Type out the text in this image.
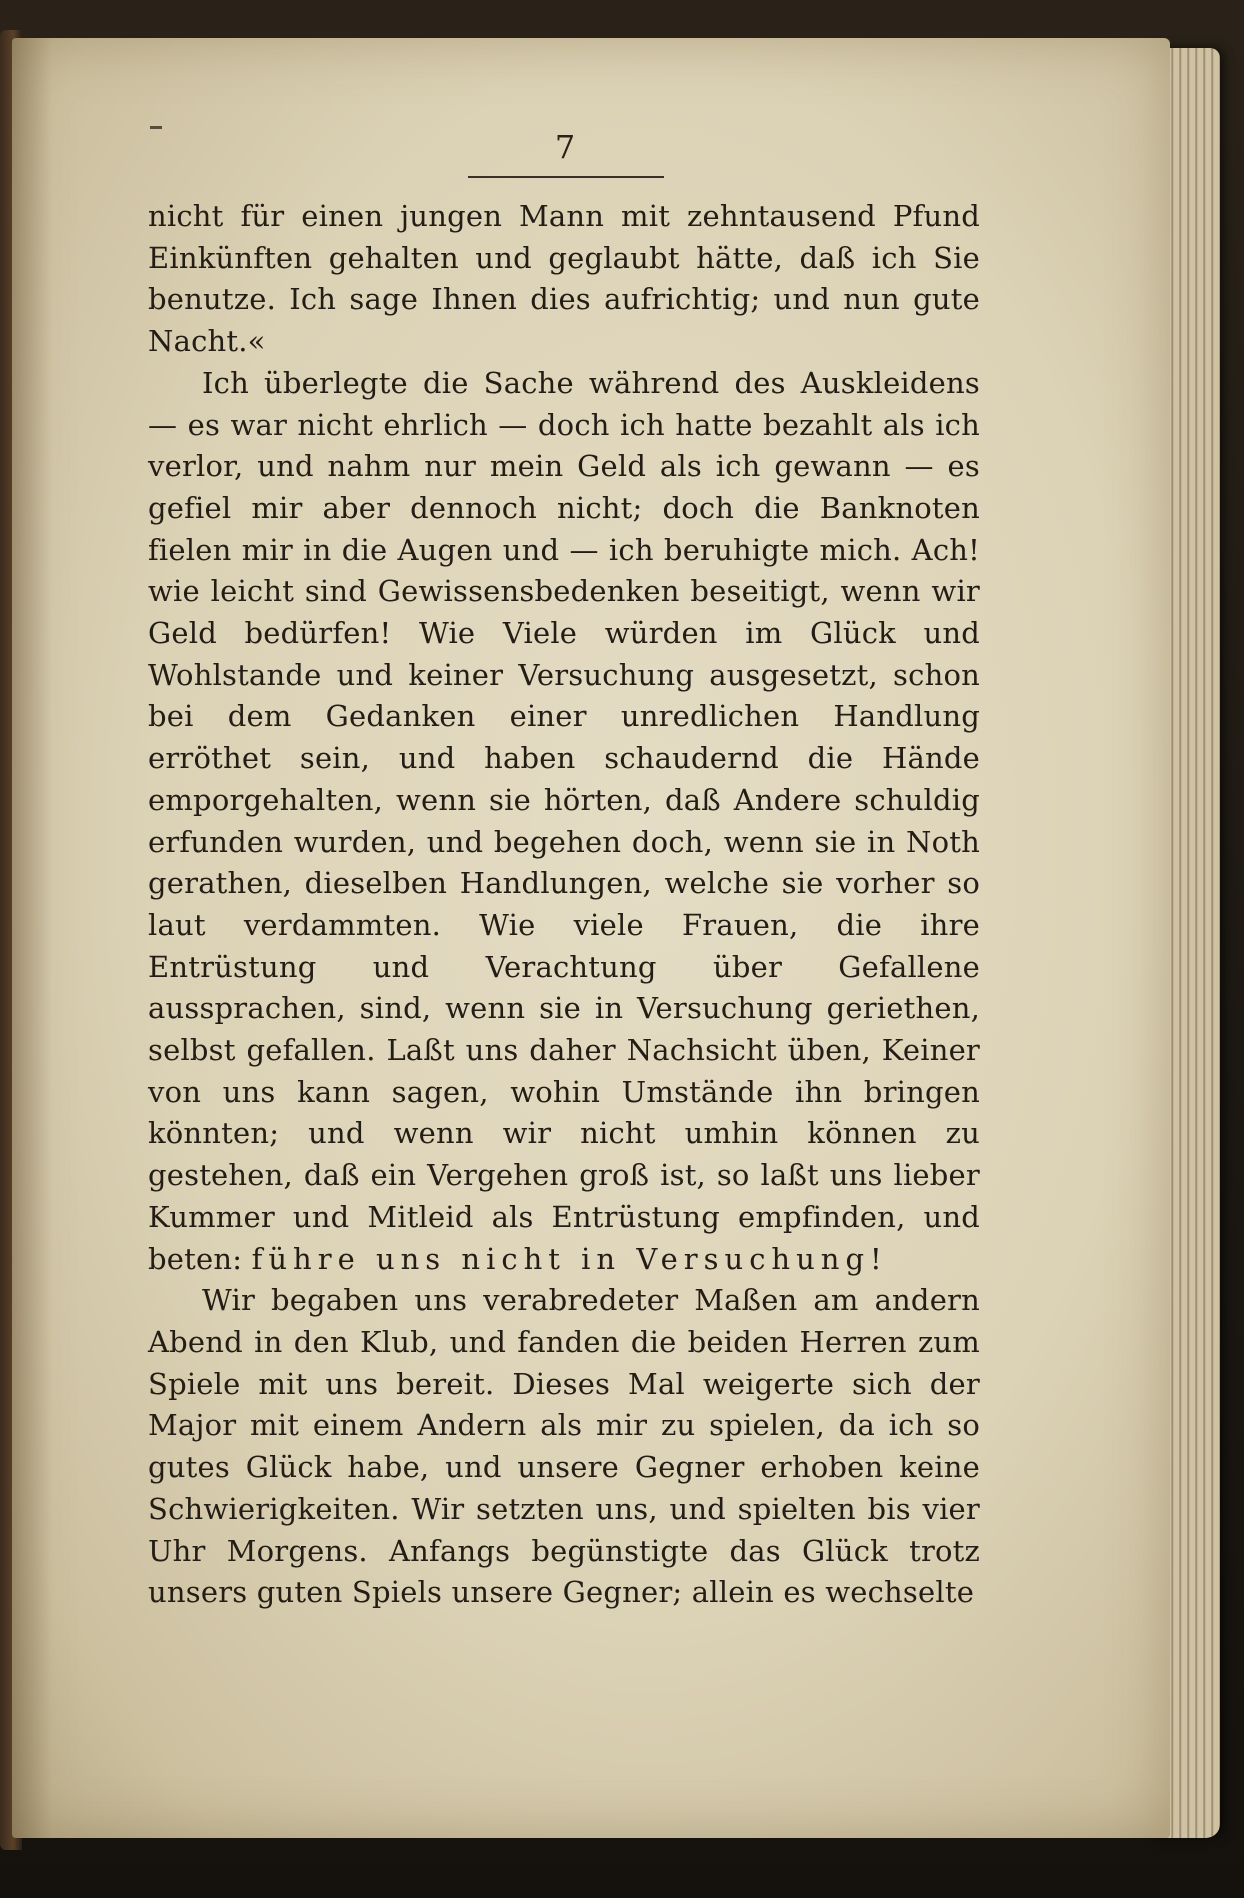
7

nicht für einen jungen Mann mit zehntausend Pfund Einkünften gehalten und geglaubt hätte, daß ich Sie benutze. Ich sage Ihnen dies aufrichtig; und nun gute Nacht.«

Ich überlegte die Sache während des Auskleidens — es war nicht ehrlich — doch ich hatte bezahlt als ich verlor, und nahm nur mein Geld als ich gewann — es gefiel mir aber dennoch nicht; doch die Banknoten fielen mir in die Augen und — ich beruhigte mich. Ach! wie leicht sind Gewissensbedenken beseitigt, wenn wir Geld bedürfen! Wie Viele würden im Glück und Wohlstande und keiner Versuchung ausgesetzt, schon bei dem Gedanken einer unredlichen Handlung erröthet sein, und haben schaudernd die Hände emporgehalten, wenn sie hörten, daß Andere schuldig erfunden wurden, und begehen doch, wenn sie in Noth gerathen, dieselben Handlungen, welche sie vorher so laut verdammten. Wie viele Frauen, die ihre Entrüstung und Verachtung über Gefallene aussprachen, sind, wenn sie in Versuchung geriethen, selbst gefallen. Laßt uns daher Nachsicht üben, Keiner von uns kann sagen, wohin Umstände ihn bringen könnten; und wenn wir nicht umhin können zu gestehen, daß ein Vergehen groß ist, so laßt uns lieber Kummer und Mitleid als Entrüstung empfinden, und beten: führe uns nicht in Versuchung!

Wir begaben uns verabredeter Maßen am andern Abend in den Klub, und fanden die beiden Herren zum Spiele mit uns bereit. Dieses Mal weigerte sich der Major mit einem Andern als mir zu spielen, da ich so gutes Glück habe, und unsere Gegner erhoben keine Schwierigkeiten. Wir setzten uns, und spielten bis vier Uhr Morgens. Anfangs begünstigte das Glück trotz unsers guten Spiels unsere Gegner; allein es wechselte
